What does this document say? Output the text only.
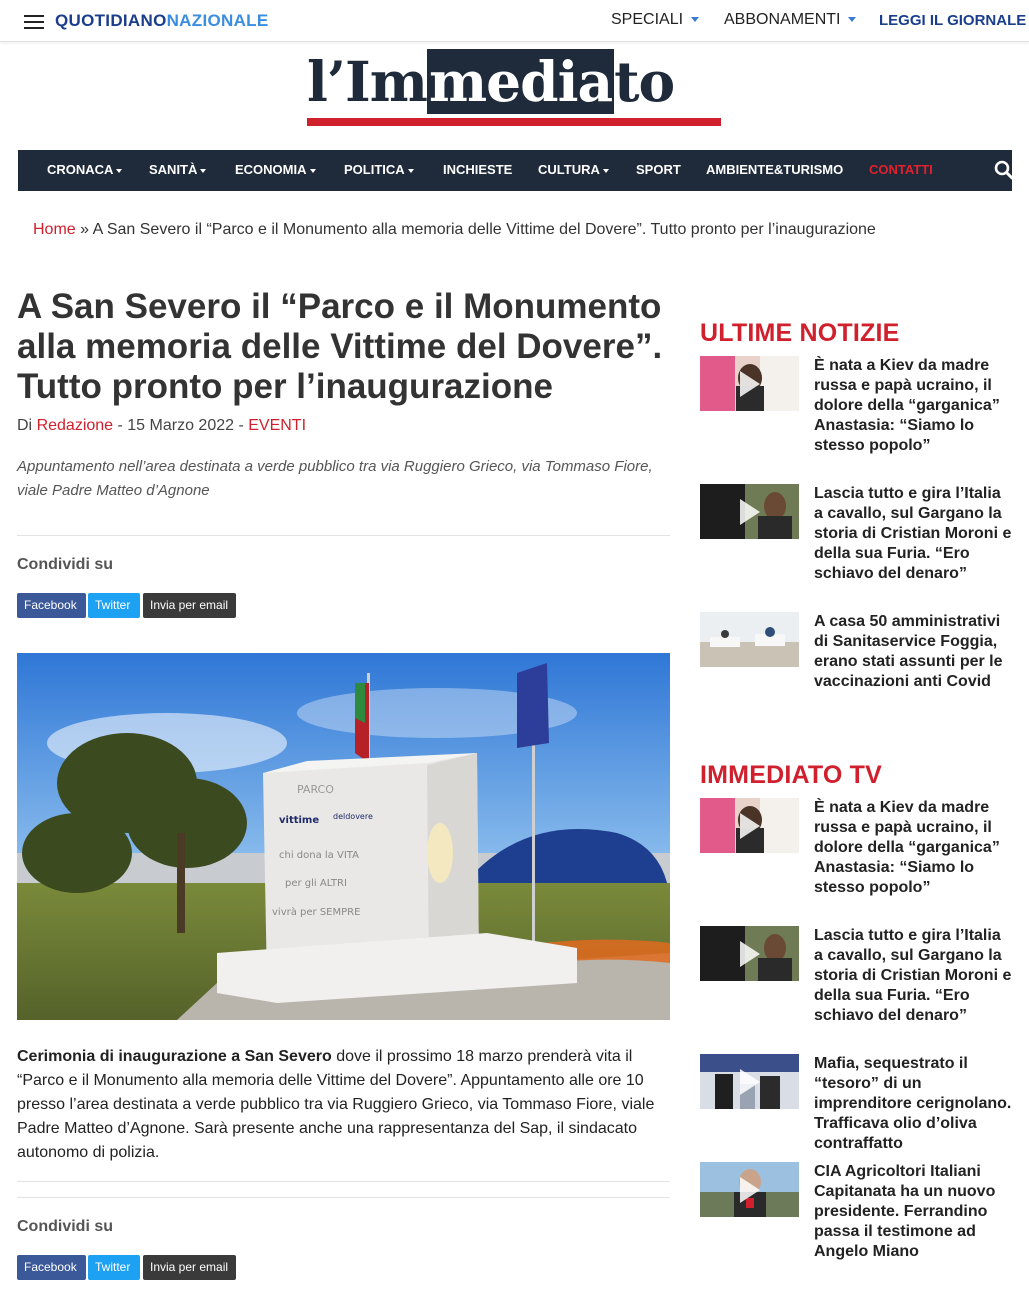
QUOTIDIANONAZIONALE	SPECIALI	ABBONAMENTI	LEGGI IL GIORNALE
l’Immediato
CRONACA	SANITÀ	ECONOMIA	POLITICA	INCHIESTE CULTURA	SPORT AMBIENTE&TURISMO CONTATTI
Home » A San Severo il “Parco e il Monumento alla memoria delle Vittime del Dovere”. Tutto pronto per l’inaugurazione
A San Severo il “Parco e il Monumento alla memoria delle Vittime del Dovere”. Tutto pronto per l’inaugurazione
Di Redazione - 15 Marzo 2022 - EVENTI
Appuntamento nell’area destinata a verde pubblico tra via Ruggiero Grieco, via Tommaso Fiore, viale Padre Matteo d’Agnone
Condividi su
Facebook	Twitter	Invia per email
PARCO
vittime deldovere
chi dona la VITA
per gli ALTRI
vivrà per SEMPRE

Cerimonia di inaugurazione a San Severo dove il prossimo 18 marzo prenderà vita il “Parco e il Monumento alla memoria delle Vittime del Dovere”. Appuntamento alle ore 10 presso l’area destinata a verde pubblico tra via Ruggiero Grieco, via Tommaso Fiore, viale Padre Matteo d’Agnone. Sarà presente anche una rappresentanza del Sap, il sindacato autonomo di polizia.

Condividi su
Facebook	Twitter	Invia per email
ULTIME NOTIZIE
È nata a Kiev da madre russa e papà ucraino, il dolore della “garganica” Anastasia: “Siamo lo stesso popolo”
Lascia tutto e gira l’Italia a cavallo, sul Gargano la storia di Cristian Moroni e della sua Furia. “Ero schiavo del denaro”
A casa 50 amministrativi di Sanitaservice Foggia, erano stati assunti per le vaccinazioni anti Covid
IMMEDIATO TV
È nata a Kiev da madre russa e papà ucraino, il dolore della “garganica” Anastasia: “Siamo lo stesso popolo”
Lascia tutto e gira l’Italia a cavallo, sul Gargano la storia di Cristian Moroni e della sua Furia. “Ero schiavo del denaro”
Mafia, sequestrato il “tesoro” di un imprenditore cerignolano. Trafficava olio d’oliva contraffatto
CIA Agricoltori Italiani Capitanata ha un nuovo presidente. Ferrandino passa il testimone ad Angelo Miano
